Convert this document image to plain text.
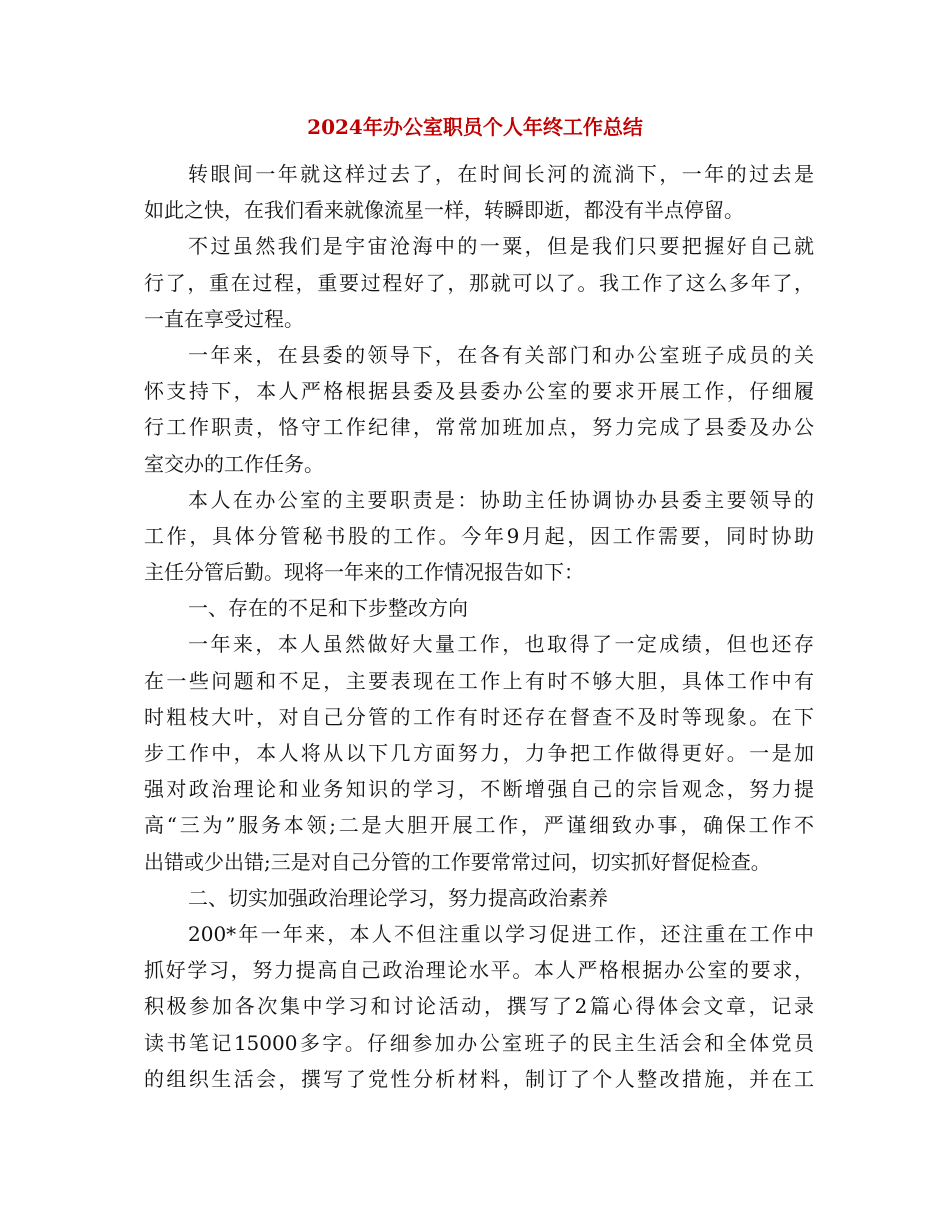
2024年办公室职员个人年终工作总结
转眼间一年就这样过去了，在时间长河的流淌下，一年的过去是
如此之快，在我们看来就像流星一样，转瞬即逝，都没有半点停留。
不过虽然我们是宇宙沧海中的一粟，但是我们只要把握好自己就
行了，重在过程，重要过程好了，那就可以了。我工作了这么多年了，
一直在享受过程。
一年来，在县委的领导下，在各有关部门和办公室班子成员的关
怀支持下，本人严格根据县委及县委办公室的要求开展工作，仔细履
行工作职责，恪守工作纪律，常常加班加点，努力完成了县委及办公
室交办的工作任务。
本人在办公室的主要职责是：协助主任协调协办县委主要领导的
工作，具体分管秘书股的工作。今年9月起，因工作需要，同时协助
主任分管后勤。现将一年来的工作情况报告如下：
一、存在的不足和下步整改方向
一年来，本人虽然做好大量工作，也取得了一定成绩，但也还存
在一些问题和不足，主要表现在工作上有时不够大胆，具体工作中有
时粗枝大叶，对自己分管的工作有时还存在督查不及时等现象。在下
步工作中，本人将从以下几方面努力，力争把工作做得更好。一是加
强对政治理论和业务知识的学习，不断增强自己的宗旨观念，努力提
高“三为”服务本领;二是大胆开展工作，严谨细致办事，确保工作不
出错或少出错;三是对自己分管的工作要常常过问，切实抓好督促检查。
二、切实加强政治理论学习，努力提高政治素养
200*年一年来，本人不但注重以学习促进工作，还注重在工作中
抓好学习，努力提高自己政治理论水平。本人严格根据办公室的要求，
积极参加各次集中学习和讨论活动，撰写了2篇心得体会文章，记录
读书笔记15000多字。仔细参加办公室班子的民主生活会和全体党员
的组织生活会，撰写了党性分析材料，制订了个人整改措施，并在工
